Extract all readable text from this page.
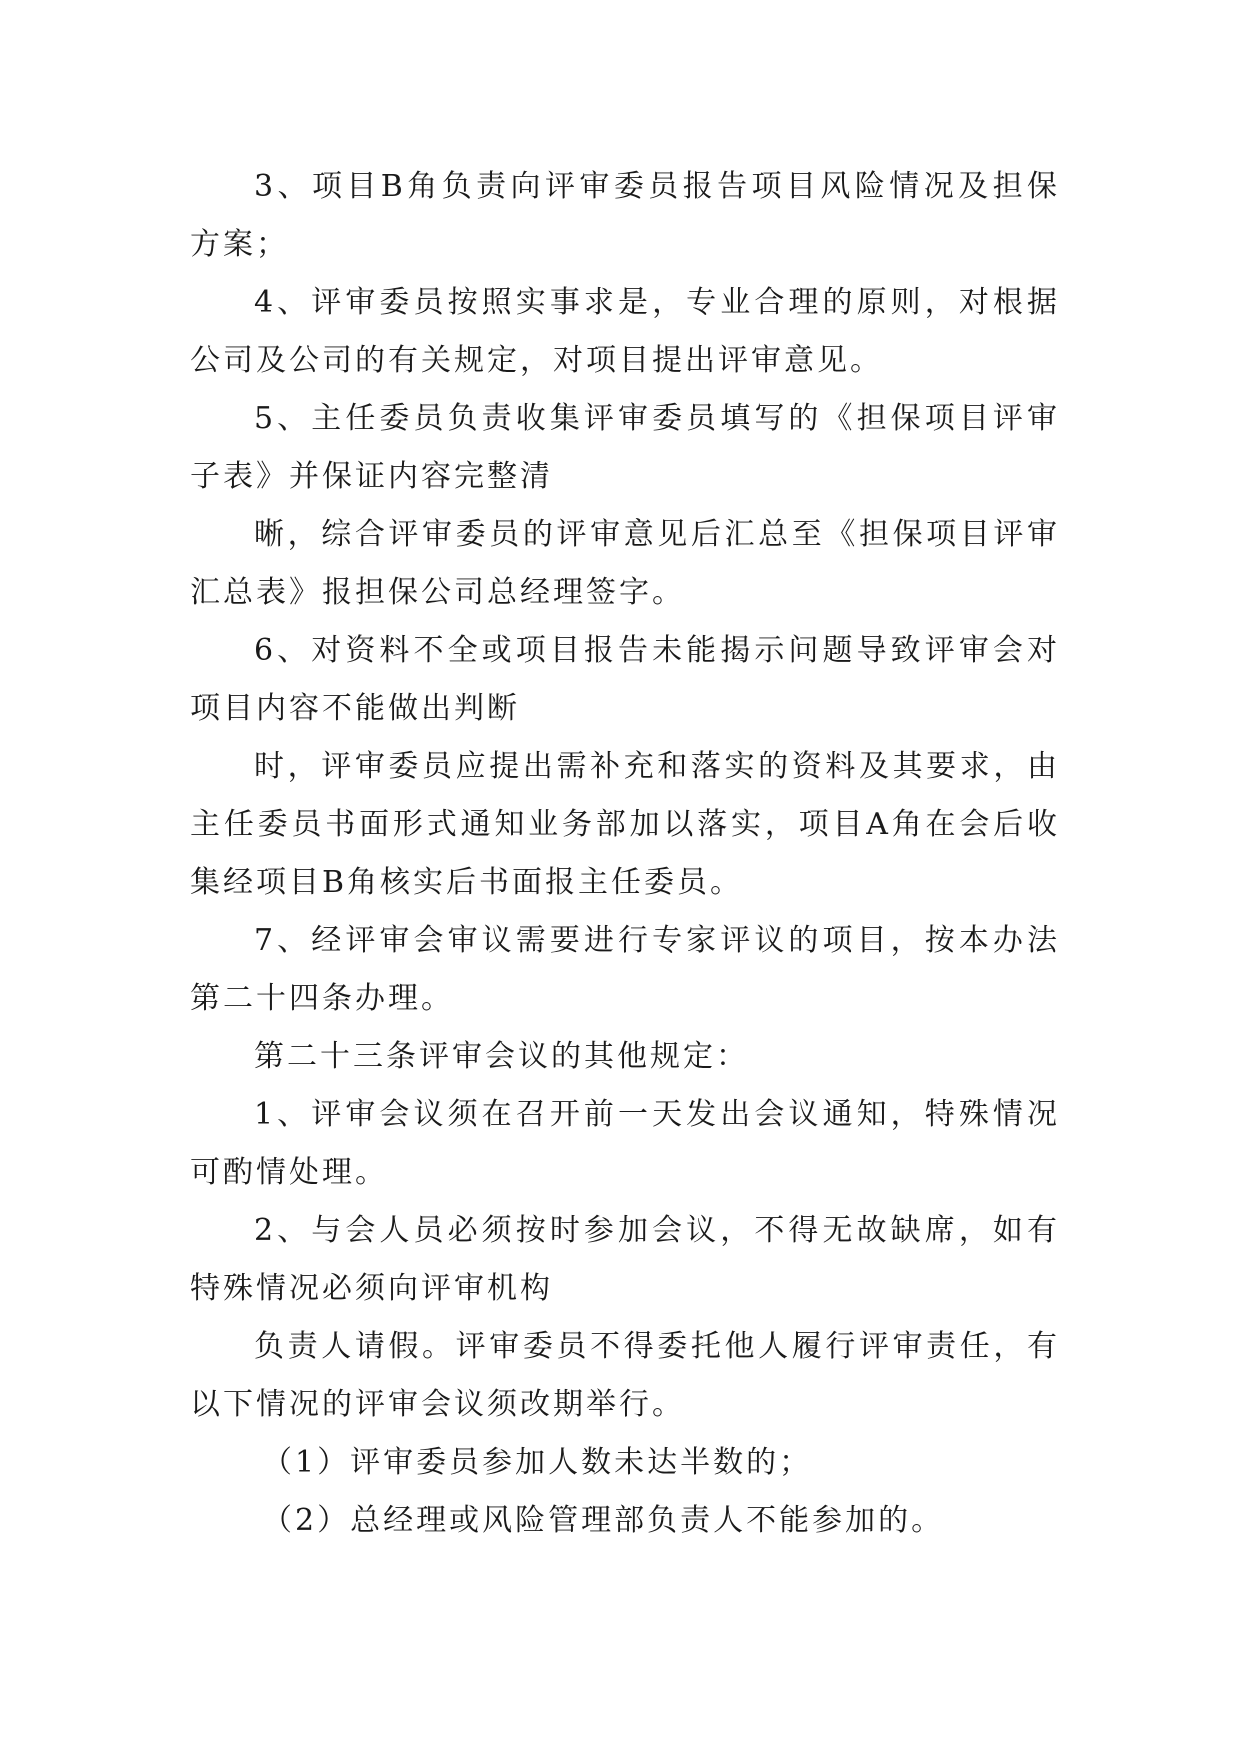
3、项目B角负责向评审委员报告项目风险情况及担保方案；

4、评审委员按照实事求是，专业合理的原则，对根据公司及公司的有关规定，对项目提出评审意见。

5、主任委员负责收集评审委员填写的《担保项目评审子表》并保证内容完整清

晰，综合评审委员的评审意见后汇总至《担保项目评审汇总表》报担保公司总经理签字。

6、对资料不全或项目报告未能揭示问题导致评审会对项目内容不能做出判断

时，评审委员应提出需补充和落实的资料及其要求，由主任委员书面形式通知业务部加以落实，项目A角在会后收集经项目B角核实后书面报主任委员。

7、经评审会审议需要进行专家评议的项目，按本办法第二十四条办理。

第二十三条评审会议的其他规定：

1、评审会议须在召开前一天发出会议通知，特殊情况可酌情处理。

2、与会人员必须按时参加会议，不得无故缺席，如有特殊情况必须向评审机构

负责人请假。评审委员不得委托他人履行评审责任，有以下情况的评审会议须改期举行。

（1）评审委员参加人数未达半数的；

（2）总经理或风险管理部负责人不能参加的。
